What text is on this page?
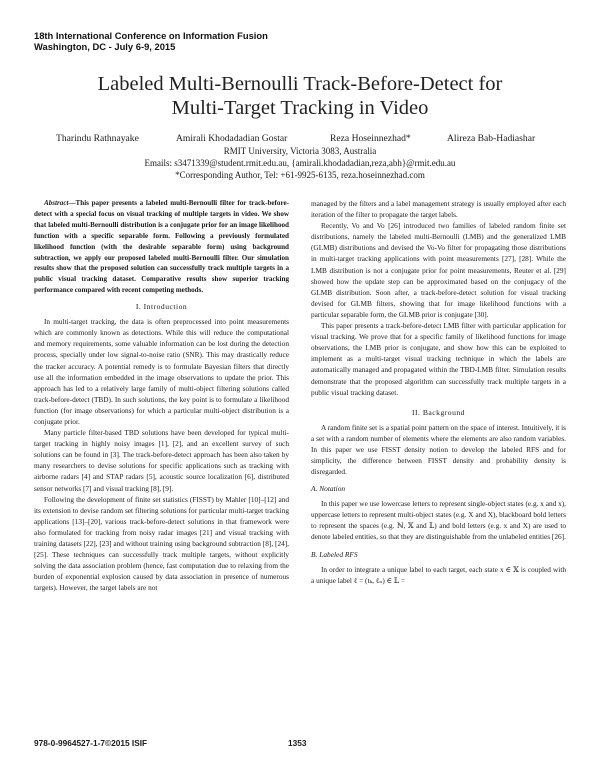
18th International Conference on Information Fusion
Washington, DC - July 6-9, 2015
Labeled Multi-Bernoulli Track-Before-Detect for
Multi-Target Tracking in Video
Tharindu Rathnayake	Amirali Khodadadian Gostar	Reza Hoseinnezhad*	Alireza Bab-Hadiashar
RMIT University, Victoria 3083, Australia
Emails: s3471339@student.rmit.edu.au, {amirali.khodadadian,reza,abh}@rmit.edu.au
*Corresponding Author, Tel: +61-9925-6135, reza.hoseinnezhad.com

Abstract—This paper presents a labeled multi-Bernoulli filter for track-before-detect with a special focus on visual tracking of multiple targets in video. We show that labeled multi-Bernoulli distribution is a conjugate prior for an image likelihood function with a specific separable form. Following a previously formulated likelihood function (with the desirable separable form) using background subtraction, we apply our proposed labeled multi-Bernoulli filter. Our simulation results show that the proposed solution can successfully track multiple targets in a public visual tracking dataset. Comparative results show superior tracking performance compared with recent competing methods.

I. Introduction

In multi-target tracking, the data is often preprocessed into point measurements which are commonly known as detections. While this will reduce the computational and memory requirements, some valuable information can be lost during the detection process, specially under low signal-to-noise ratio (SNR). This may drastically reduce the tracker accuracy. A potential remedy is to formulate Bayesian filters that directly use all the information embedded in the image observations to update the prior. This approach has led to a relatively large family of multi-object filtering solutions called track-before-detect (TBD). In such solutions, the key point is to formulate a likelihood function (for image observations) for which a particular multi-object distribution is a conjugate prior.

Many particle filter-based TBD solutions have been developed for typical multi-target tracking in highly noisy images [1], [2], and an excellent survey of such solutions can be found in [3]. The track-before-detect approach has been also taken by many researchers to devise solutions for specific applications such as tracking with airborne radars [4] and STAP radars [5], acoustic source localization [6], distributed sensor networks [7] and visual tracking [8], [9].

Following the development of finite set statistics (FISST) by Mahler [10]–[12] and its extension to devise random set filtering solutions for particular multi-target tracking applications [13]–[20], various track-before-detect solutions in that framework were also formulated for tracking from noisy radar images [21] and visual tracking with training datasets [22], [23] and without training using background subtraction [8], [24], [25]. These techniques can successfully track multiple targets, without explicitly solving the data association problem (hence, fast computation due to relaxing from the burden of exponential explosion caused by data association in presence of numerous targets). However, the target labels are not

managed by the filters and a label management strategy is usually employed after each iteration of the filter to propagate the target labels.

Recently, Vo and Vo [26] introduced two families of labeled random finite set distributions, namely the labeled multi-Bernoulli (LMB) and the generalized LMB (GLMB) distributions and devised the Vo-Vo filter for propagating those distributions in multi-target tracking applications with point measurements [27], [28]. While the LMB distribution is not a conjugate prior for point measurements, Reuter et al. [29] showed how the update step can be approximated based on the conjugacy of the GLMB distribution. Soon after, a track-before-detect solution for visual tracking devised for GLMB filters, showing that for image likelihood functions with a particular separable form, the GLMB prior is conjugate [30].

This paper presents a track-before-detect LMB filter with particular application for visual tracking. We prove that for a specific family of likelihood functions for image observations, the LMB prior is conjugate, and show how this can be exploited to implement as a multi-target visual tracking technique in which the labels are automatically managed and propagated within the TBD-LMB filter. Simulation results demonstrate that the proposed algorithm can successfully track multiple targets in a public visual tracking dataset.

II. Background

A random finite set is a spatial point pattern on the space of interest. Intuitively, it is a set with a random number of elements where the elements are also random variables. In this paper we use FISST density notion to develop the labeled RFS and for simplicity, the difference between FISST density and probability density is disregarded.

A. Notation

In this paper we use lowercase letters to represent single-object states (e.g. x and x), uppercase letters to represent multi-object states (e.g. X and X), blackboard bold letters to represent the spaces (e.g. ℕ, 𝕏 and 𝕃) and bold letters (e.g. x and X) are used to denote labeled entities, so that they are distinguishable from the unlabeled entities [26].

B. Labeled RFS

In order to integrate a unique label to each target, each state x ∈ 𝕏 is coupled with a unique label ℓ = (tₖ, ℓₙ) ∈ 𝕃 =

978-0-9964527-1-7©2015 ISIF	1353
